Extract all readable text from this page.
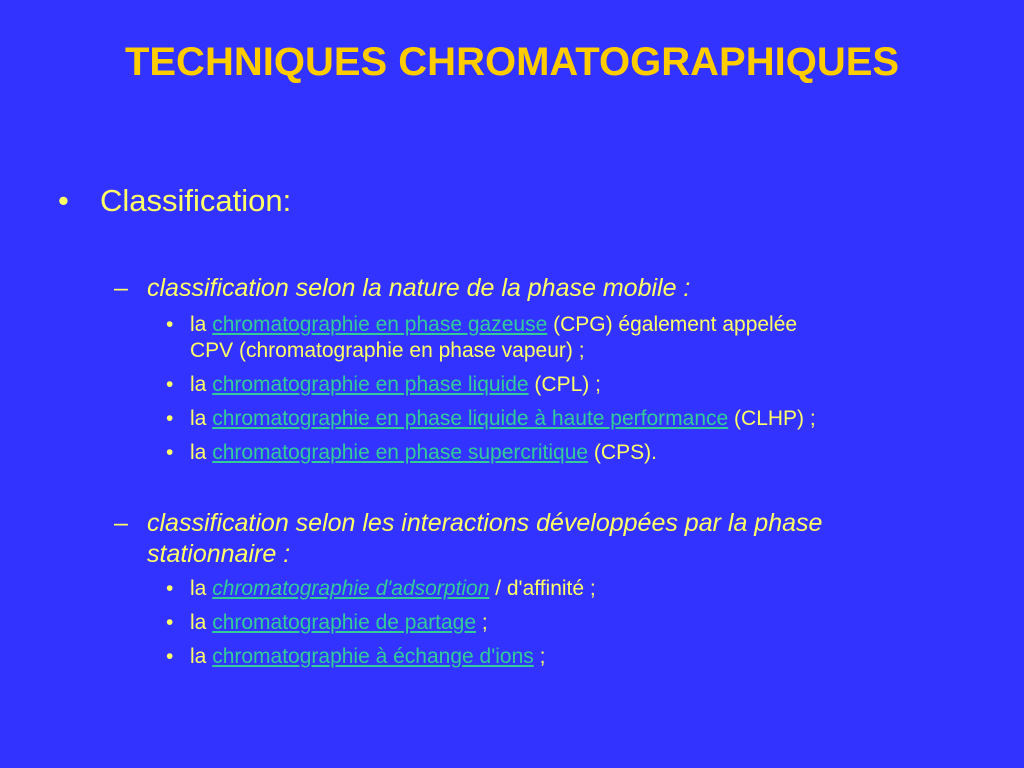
TECHNIQUES CHROMATOGRAPHIQUES
• Classification:
– classification selon la nature de la phase mobile :
• la chromatographie en phase gazeuse (CPG) également appelée
CPV (chromatographie en phase vapeur) ;
• la chromatographie en phase liquide (CPL) ;
• la chromatographie en phase liquide à haute performance (CLHP) ;
• la chromatographie en phase supercritique (CPS).
– classification selon les interactions développées par la phase
stationnaire :
• la chromatographie d'adsorption / d'affinité ;
• la chromatographie de partage ;
• la chromatographie à échange d'ions ;
